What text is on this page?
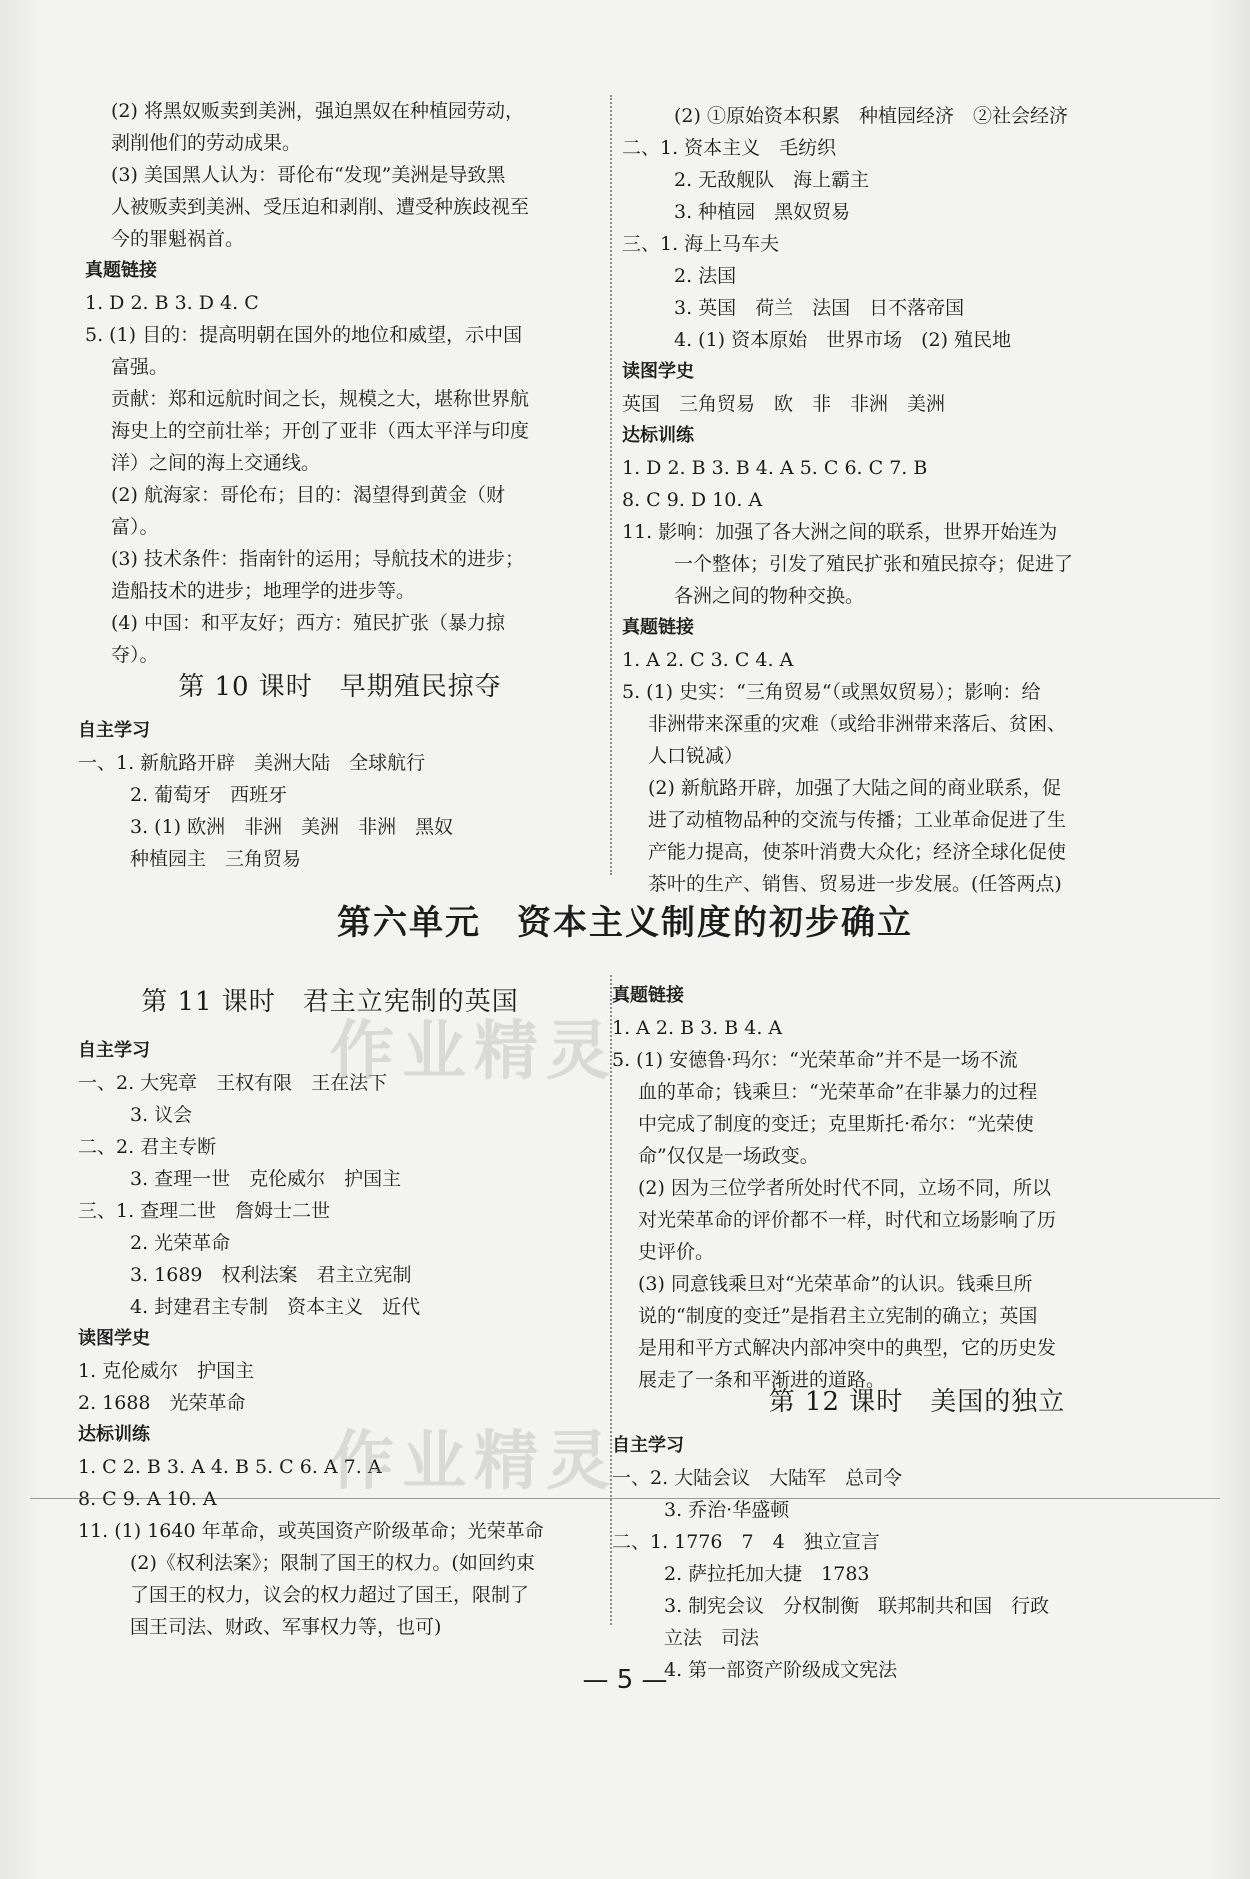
(2) 将黑奴贩卖到美洲，强迫黑奴在种植园劳动，
剥削他们的劳动成果。
(3) 美国黑人认为：哥伦布“发现”美洲是导致黑
人被贩卖到美洲、受压迫和剥削、遭受种族歧视至
今的罪魁祸首。
真题链接
1. D 2. B 3. D 4. C
5. (1) 目的：提高明朝在国外的地位和威望，示中国
富强。
贡献：郑和远航时间之长，规模之大，堪称世界航
海史上的空前壮举；开创了亚非（西太平洋与印度
洋）之间的海上交通线。
(2) 航海家：哥伦布；目的：渴望得到黄金（财
富）。
(3) 技术条件：指南针的运用；导航技术的进步；
造船技术的进步；地理学的进步等。
(4) 中国：和平友好；西方：殖民扩张（暴力掠
夺）。
第 10 课时　早期殖民掠夺
自主学习
一、1. 新航路开辟　美洲大陆　全球航行
2. 葡萄牙　西班牙
3. (1) 欧洲　非洲　美洲　非洲　黑奴
种植园主　三角贸易
(2) ①原始资本积累　种植园经济　②社会经济
二、1. 资本主义　毛纺织
2. 无敌舰队　海上霸主
3. 种植园　黑奴贸易
三、1. 海上马车夫
2. 法国
3. 英国　荷兰　法国　日不落帝国
4. (1) 资本原始　世界市场　(2) 殖民地
读图学史
英国　三角贸易　欧　非　非洲　美洲
达标训练
1. D 2. B 3. B 4. A 5. C 6. C 7. B
8. C 9. D 10. A
11. 影响：加强了各大洲之间的联系，世界开始连为
一个整体；引发了殖民扩张和殖民掠夺；促进了
各洲之间的物种交换。
真题链接
1. A 2. C 3. C 4. A
5. (1) 史实：“三角贸易“（或黑奴贸易）；影响：给
非洲带来深重的灾难（或给非洲带来落后、贫困、
人口锐减）
(2) 新航路开辟，加强了大陆之间的商业联系，促
进了动植物品种的交流与传播；工业革命促进了生
产能力提高，使茶叶消费大众化；经济全球化促使
茶叶的生产、销售、贸易进一步发展。(任答两点)
第六单元　资本主义制度的初步确立
第 11 课时　君主立宪制的英国
自主学习
一、2. 大宪章　王权有限　王在法下
3. 议会
二、2. 君主专断
3. 查理一世　克伦威尔　护国主
三、1. 查理二世　詹姆士二世
2. 光荣革命
3. 1689　权利法案　君主立宪制
4. 封建君主专制　资本主义　近代
读图学史
1. 克伦威尔　护国主
2. 1688　光荣革命
达标训练
1. C 2. B 3. A 4. B 5. C 6. A 7. A
8. C 9. A 10. A
11. (1) 1640 年革命，或英国资产阶级革命；光荣革命
(2)《权利法案》；限制了国王的权力。(如回约束
了国王的权力，议会的权力超过了国王，限制了
国王司法、财政、军事权力等，也可)
真题链接
1. A 2. B 3. B 4. A
5. (1) 安德鲁·玛尔：“光荣革命”并不是一场不流
血的革命；钱乘旦：“光荣革命”在非暴力的过程
中完成了制度的变迁；克里斯托·希尔：“光荣使
命”仅仅是一场政变。
(2) 因为三位学者所处时代不同，立场不同，所以
对光荣革命的评价都不一样，时代和立场影响了历
史评价。
(3) 同意钱乘旦对“光荣革命”的认识。钱乘旦所
说的“制度的变迁”是指君主立宪制的确立；英国
是用和平方式解决内部冲突中的典型，它的历史发
展走了一条和平渐进的道路。
第 12 课时　美国的独立
自主学习
一、2. 大陆会议　大陆军　总司令
3. 乔治·华盛顿
二、1. 1776　7　4　独立宣言
2. 萨拉托加大捷　1783
3. 制宪会议　分权制衡　联邦制共和国　行政
立法　司法
4. 第一部资产阶级成文宪法
— 5 —
作业精灵
作业精灵
